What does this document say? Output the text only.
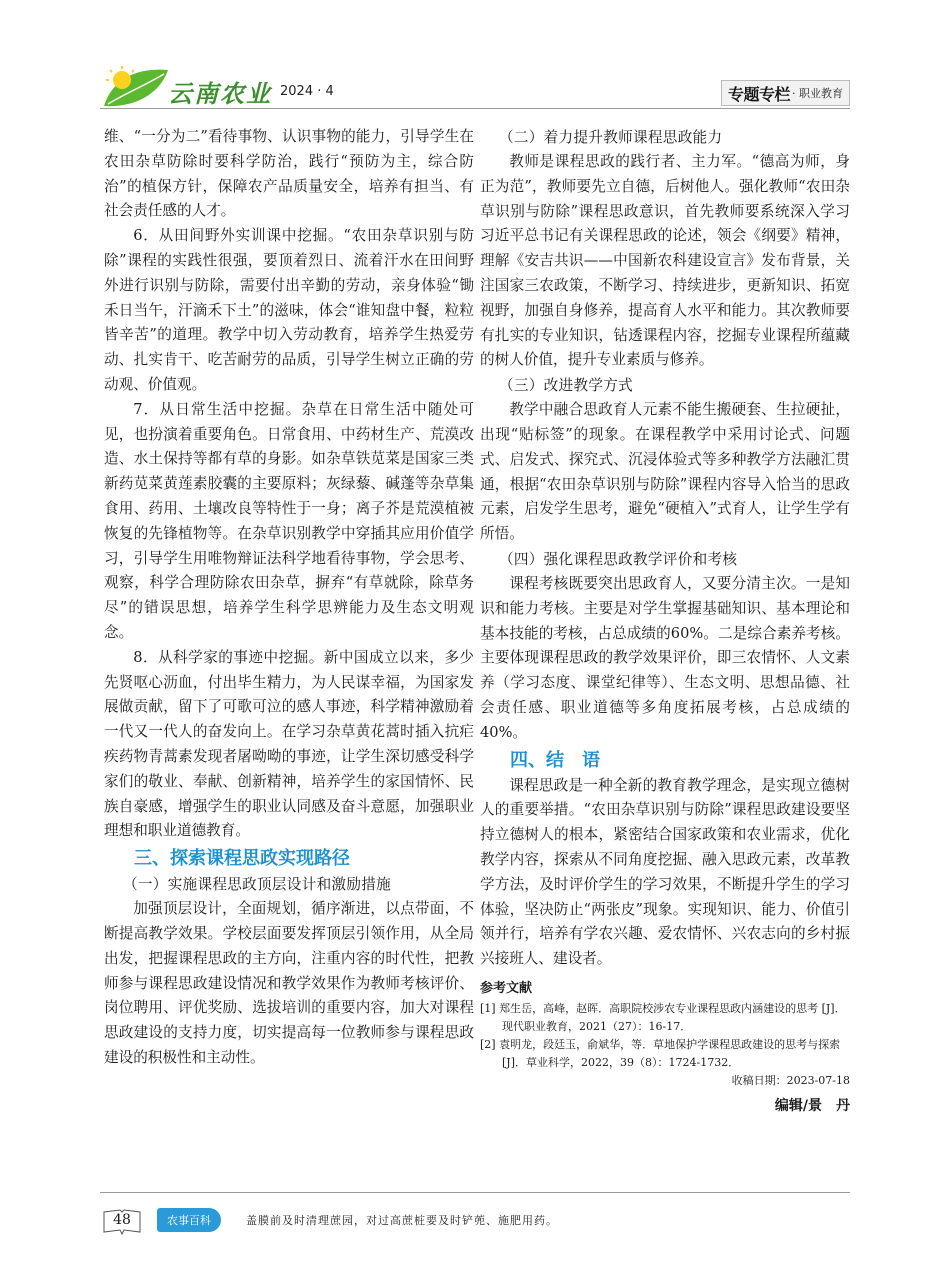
云南农业 2024 · 4	专题专栏 · 职业教育

维、“一分为二”看待事物、认识事物的能力，引导学生在农田杂草防除时要科学防治，践行“预防为主，综合防治”的植保方针，保障农产品质量安全，培养有担当、有社会责任感的人才。

6．从田间野外实训课中挖掘。“农田杂草识别与防除”课程的实践性很强，要顶着烈日、流着汗水在田间野外进行识别与防除，需要付出辛勤的劳动，亲身体验“锄禾日当午，汗滴禾下土”的滋味，体会“谁知盘中餐，粒粒皆辛苦”的道理。教学中切入劳动教育，培养学生热爱劳动、扎实肯干、吃苦耐劳的品质，引导学生树立正确的劳动观、价值观。

7．从日常生活中挖掘。杂草在日常生活中随处可见，也扮演着重要角色。日常食用、中药材生产、荒漠改造、水土保持等都有草的身影。如杂草铁苋菜是国家三类新药苋菜黄莲素胶囊的主要原料；灰绿藜、碱蓬等杂草集食用、药用、土壤改良等特性于一身；离子芥是荒漠植被恢复的先锋植物等。在杂草识别教学中穿插其应用价值学习，引导学生用唯物辩证法科学地看待事物，学会思考、观察，科学合理防除农田杂草，摒弃“有草就除，除草务尽”的错误思想，培养学生科学思辨能力及生态文明观念。

8．从科学家的事迹中挖掘。新中国成立以来，多少先贤呕心沥血，付出毕生精力，为人民谋幸福，为国家发展做贡献，留下了可歌可泣的感人事迹，科学精神激励着一代又一代人的奋发向上。在学习杂草黄花蒿时插入抗疟疾药物青蒿素发现者屠呦呦的事迹，让学生深切感受科学家们的敬业、奉献、创新精神，培养学生的家国情怀、民族自豪感，增强学生的职业认同感及奋斗意愿，加强职业理想和职业道德教育。

三、探索课程思政实现路径
（一）实施课程思政顶层设计和激励措施

加强顶层设计，全面规划，循序渐进，以点带面，不断提高教学效果。学校层面要发挥顶层引领作用，从全局出发，把握课程思政的主方向，注重内容的时代性，把教师参与课程思政建设情况和教学效果作为教师考核评价、岗位聘用、评优奖励、选拔培训的重要内容，加大对课程思政建设的支持力度，切实提高每一位教师参与课程思政建设的积极性和主动性。

（二）着力提升教师课程思政能力

教师是课程思政的践行者、主力军。“德高为师，身正为范”，教师要先立自德，后树他人。强化教师“农田杂草识别与防除”课程思政意识，首先教师要系统深入学习习近平总书记有关课程思政的论述，领会《纲要》精神，理解《安吉共识——中国新农科建设宣言》发布背景，关注国家三农政策，不断学习、持续进步，更新知识、拓宽视野，加强自身修养，提高育人水平和能力。其次教师要有扎实的专业知识，钻透课程内容，挖掘专业课程所蕴藏的树人价值，提升专业素质与修养。

（三）改进教学方式

教学中融合思政育人元素不能生搬硬套、生拉硬扯，出现“贴标签”的现象。在课程教学中采用讨论式、问题式、启发式、探究式、沉浸体验式等多种教学方法融汇贯通，根据“农田杂草识别与防除”课程内容导入恰当的思政元素，启发学生思考，避免“硬植入”式育人，让学生学有所悟。

（四）强化课程思政教学评价和考核

课程考核既要突出思政育人，又要分清主次。一是知识和能力考核。主要是对学生掌握基础知识、基本理论和基本技能的考核，占总成绩的60%。二是综合素养考核。主要体现课程思政的教学效果评价，即三农情怀、人文素养（学习态度、课堂纪律等）、生态文明、思想品德、社会责任感、职业道德等多角度拓展考核，占总成绩的40%。

四、结　语

课程思政是一种全新的教育教学理念，是实现立德树人的重要举措。“农田杂草识别与防除”课程思政建设要坚持立德树人的根本，紧密结合国家政策和农业需求，优化教学内容，探索从不同角度挖掘、融入思政元素，改革教学方法，及时评价学生的学习效果，不断提升学生的学习体验，坚决防止“两张皮”现象。实现知识、能力、价值引领并行，培养有学农兴趣、爱农情怀、兴农志向的乡村振兴接班人、建设者。

参考文献
[1] 郑生岳，高峰，赵晖．高职院校涉农专业课程思政内涵建设的思考 [J]．现代职业教育，2021（27）：16-17．
[2] 袁明龙，段廷玉，俞斌华，等．草地保护学课程思政建设的思考与探索 [J]．草业科学，2022，39（8）：1724-1732．
收稿日期：2023-07-18
编辑/景　丹
48	农事百科	盖膜前及时清理蔗园，对过高蔗桩要及时铲蔸、施肥用药。
